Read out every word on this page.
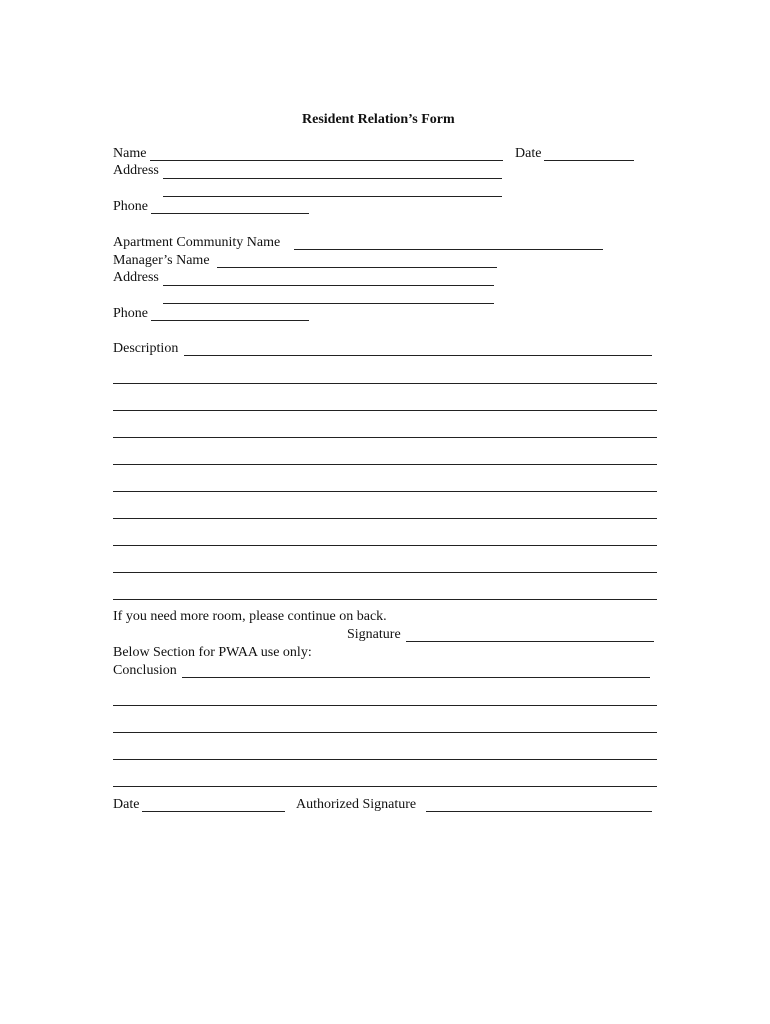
Resident Relation’s Form
Name	Date
Address
Phone
Apartment Community Name
Manager’s Name
Address
Phone
Description
If you need more room, please continue on back.
Signature
Below Section for PWAA use only:
Conclusion
Date	Authorized Signature
